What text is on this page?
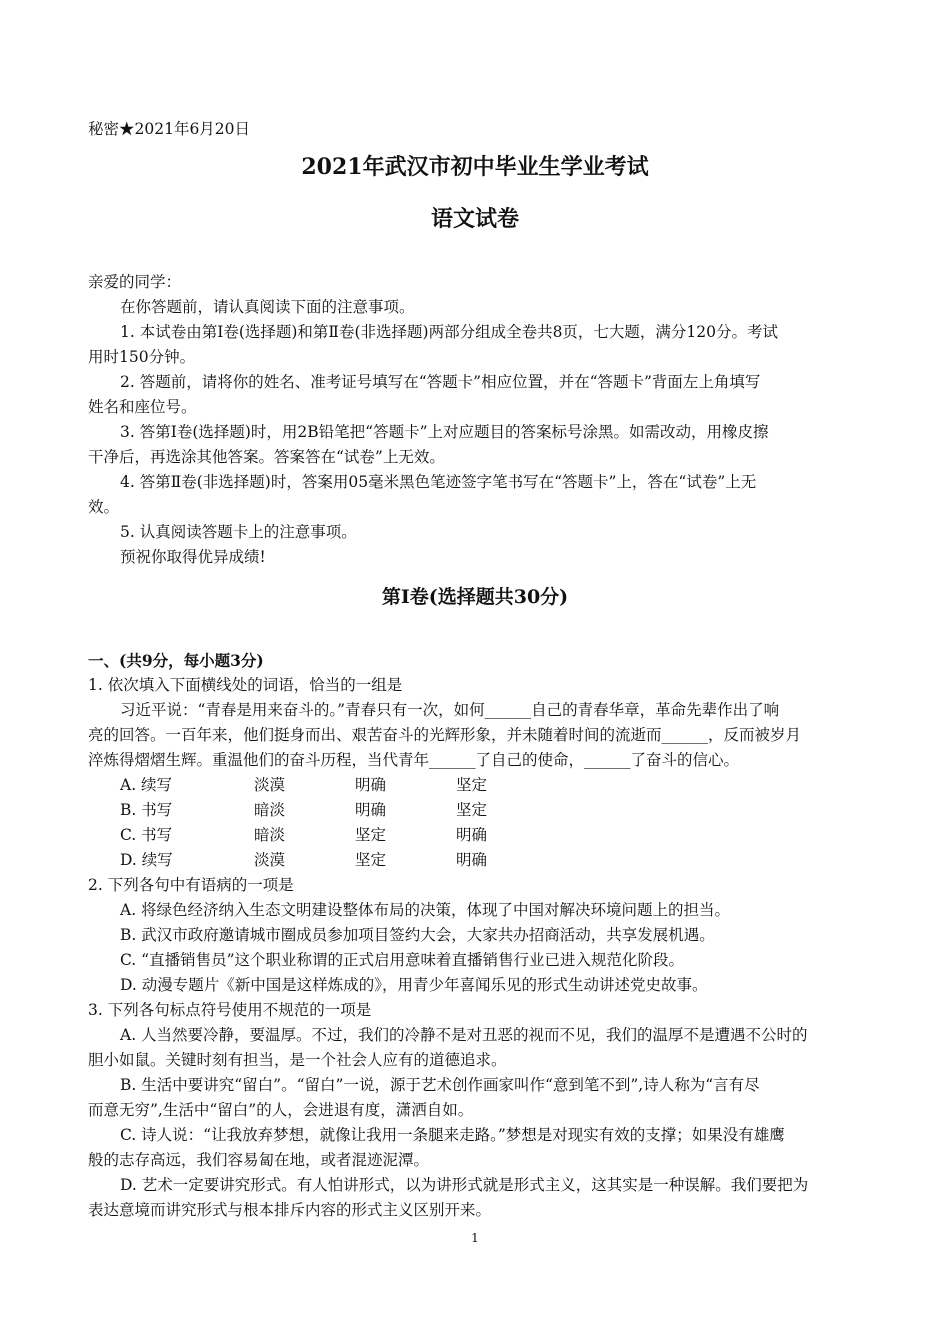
秘密★2021年6月20日
2021年武汉市初中毕业生学业考试
语文试卷
亲爱的同学：
在你答题前，请认真阅读下面的注意事项。
1. 本试卷由第Ⅰ卷(选择题)和第Ⅱ卷(非选择题)两部分组成全卷共8页，七大题，满分120分。考试
用时150分钟。
2. 答题前，请将你的姓名、准考证号填写在“答题卡”相应位置，并在“答题卡”背面左上角填写
姓名和座位号。
3. 答第Ⅰ卷(选择题)时，用2B铅笔把“答题卡”上对应题目的答案标号涂黑。如需改动，用橡皮擦
干净后，再选涂其他答案。答案答在“试卷”上无效。
4. 答第Ⅱ卷(非选择题)时，答案用05毫米黑色笔迹签字笔书写在“答题卡”上，答在“试卷”上无
效。
5. 认真阅读答题卡上的注意事项。
预祝你取得优异成绩!
第Ⅰ卷(选择题共30分)
一、(共9分，每小题3分)
1. 依次填入下面横线处的词语，恰当的一组是
习近平说：“青春是用来奋斗的。”青春只有一次，如何______自己的青春华章，革命先辈作出了响
亮的回答。一百年来，他们挺身而出、艰苦奋斗的光辉形象，并未随着时间的流逝而______，反而被岁月
淬炼得熠熠生辉。重温他们的奋斗历程，当代青年______了自己的使命，______了奋斗的信心。
A. 续写	淡漠	明确	坚定
B. 书写	暗淡	明确	坚定
C. 书写	暗淡	坚定	明确
D. 续写	淡漠	坚定	明确
2. 下列各句中有语病的一项是
A. 将绿色经济纳入生态文明建设整体布局的决策，体现了中国对解决环境问题上的担当。
B. 武汉市政府邀请城市圈成员参加项目签约大会，大家共办招商活动，共享发展机遇。
C. “直播销售员”这个职业称谓的正式启用意味着直播销售行业已进入规范化阶段。
D. 动漫专题片《新中国是这样炼成的》，用青少年喜闻乐见的形式生动讲述党史故事。
3. 下列各句标点符号使用不规范的一项是
A. 人当然要冷静，要温厚。不过，我们的冷静不是对丑恶的视而不见，我们的温厚不是遭遇不公时的
胆小如鼠。关键时刻有担当，是一个社会人应有的道德追求。
B. 生活中要讲究“留白”。“留白”一说，源于艺术创作画家叫作“意到笔不到”,诗人称为“言有尽
而意无穷”,生活中“留白”的人，会进退有度，潇洒自如。
C. 诗人说：“让我放弃梦想，就像让我用一条腿来走路。”梦想是对现实有效的支撑；如果没有雄鹰
般的志存高远，我们容易匐在地，或者混迹泥潭。
D. 艺术一定要讲究形式。有人怕讲形式，以为讲形式就是形式主义，这其实是一种误解。我们要把为
表达意境而讲究形式与根本排斥内容的形式主义区别开来。
1
